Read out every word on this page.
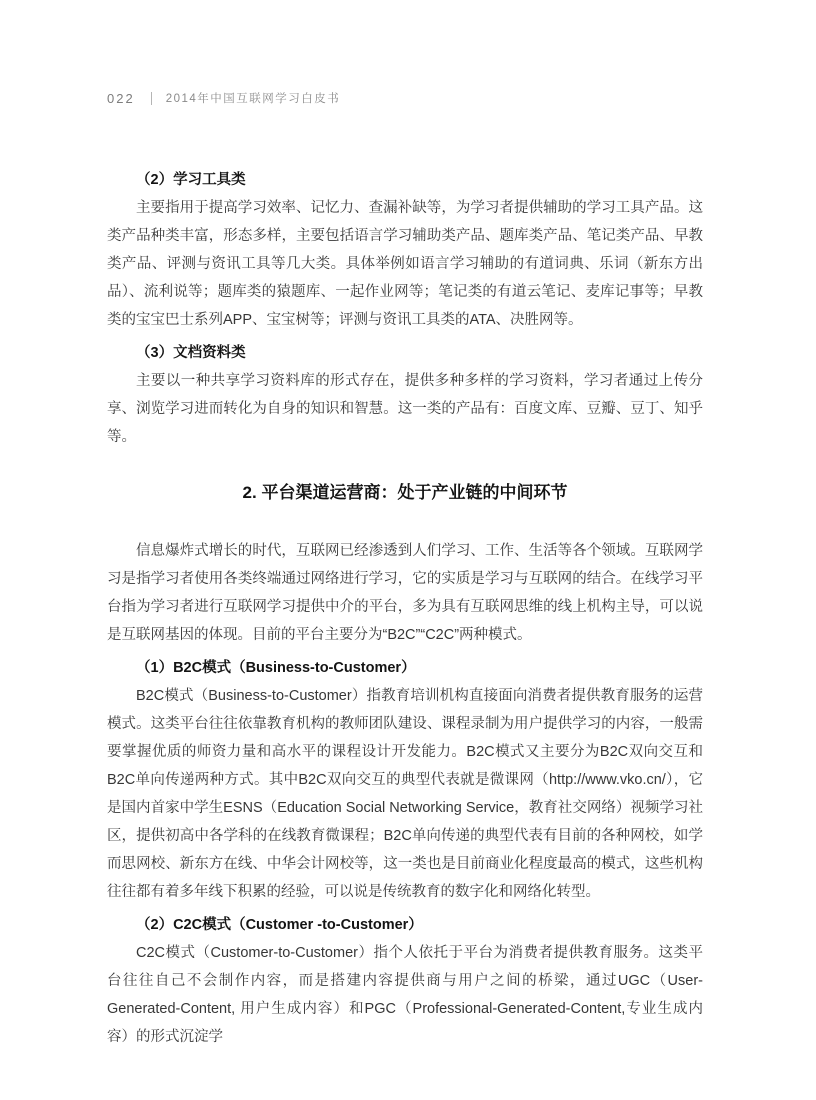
022	2014年中国互联网学习白皮书
（2）学习工具类

主要指用于提高学习效率、记忆力、查漏补缺等，为学习者提供辅助的学习工具产品。这类产品种类丰富，形态多样，主要包括语言学习辅助类产品、题库类产品、笔记类产品、早教类产品、评测与资讯工具等几大类。具体举例如语言学习辅助的有道词典、乐词（新东方出品）、流利说等；题库类的猿题库、一起作业网等；笔记类的有道云笔记、麦库记事等；早教类的宝宝巴士系列APP、宝宝树等；评测与资讯工具类的ATA、决胜网等。

（3）文档资料类

主要以一种共享学习资料库的形式存在，提供多种多样的学习资料，学习者通过上传分享、浏览学习进而转化为自身的知识和智慧。这一类的产品有：百度文库、豆瓣、豆丁、知乎等。

2. 平台渠道运营商：处于产业链的中间环节

信息爆炸式增长的时代，互联网已经渗透到人们学习、工作、生活等各个领域。互联网学习是指学习者使用各类终端通过网络进行学习，它的实质是学习与互联网的结合。在线学习平台指为学习者进行互联网学习提供中介的平台，多为具有互联网思维的线上机构主导，可以说是互联网基因的体现。目前的平台主要分为“B2C”“C2C”两种模式。

（1）B2C模式（Business-to-Customer）

B2C模式（Business-to-Customer）指教育培训机构直接面向消费者提供教育服务的运营模式。这类平台往往依靠教育机构的教师团队建设、课程录制为用户提供学习的内容，一般需要掌握优质的师资力量和高水平的课程设计开发能力。B2C模式又主要分为B2C双向交互和B2C单向传递两种方式。其中B2C双向交互的典型代表就是微课网（http://www.vko.cn/），它是国内首家中学生ESNS（Education Social Networking Service，教育社交网络）视频学习社区，提供初高中各学科的在线教育微课程；B2C单向传递的典型代表有目前的各种网校，如学而思网校、新东方在线、中华会计网校等，这一类也是目前商业化程度最高的模式，这些机构往往都有着多年线下积累的经验，可以说是传统教育的数字化和网络化转型。

（2）C2C模式（Customer -to-Customer）

C2C模式（Customer-to-Customer）指个人依托于平台为消费者提供教育服务。这类平台往往自己不会制作内容，而是搭建内容提供商与用户之间的桥梁，通过UGC（User-Generated-Content, 用户生成内容）和PGC（Professional-Generated-Content,专业生成内容）的形式沉淀学
